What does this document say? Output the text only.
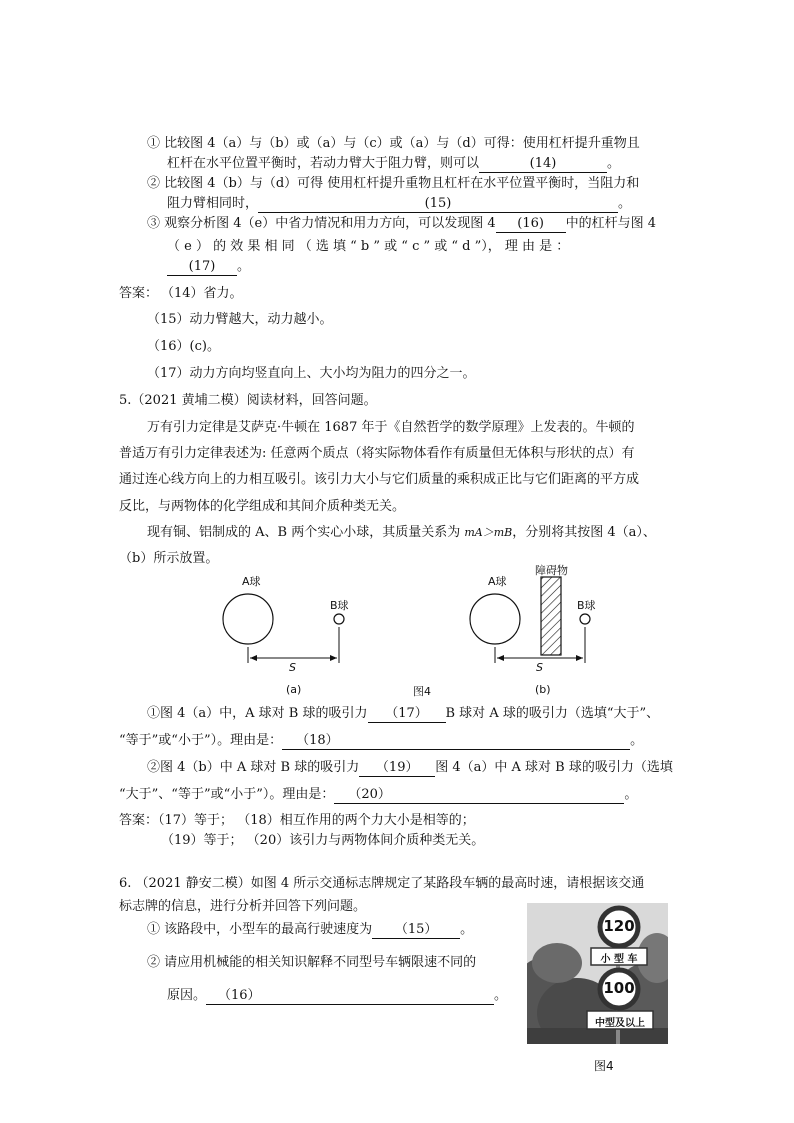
① 比较图 4（a）与（b）或（a）与（c）或（a）与（d）可得：使用杠杆提升重物且
杠杆在水平位置平衡时，若动力臂大于阻力臂，则可以	(14)	。
② 比较图 4（b）与（d）可得 使用杠杆提升重物且杠杆在水平位置平衡时，当阻力和
阻力臂相同时，	(15)	。
③ 观察分析图 4（e）中省力情况和用力方向，可以发现图 4 (16) 中的杠杆与图 4
（ e ） 的 效 果 相 同 （ 选 填 “ b ” 或 “ c ” 或 “ d ”）， 理 由 是 ：
(17) 。
答案： （14）省力。
（15）动力臂越大，动力越小。
（16）(c)。
（17）动力方向均竖直向上、大小均为阻力的四分之一。
5.（2021 黄埔二模）阅读材料，回答问题。
万有引力定律是艾萨克·牛顿在 1687 年于《自然哲学的数学原理》上发表的。牛顿的
普适万有引力定律表述为: 任意两个质点（将实际物体看作有质量但无体积与形状的点）有
通过连心线方向上的力相互吸引。该引力大小与它们质量的乘积成正比与它们距离的平方成
反比，与两物体的化学组成和其间介质种类无关。
现有铜、铝制成的 A、B 两个实心小球，其质量关系为 mA＞mB，分别将其按图 4（a）、
（b）所示放置。
A球
B球
S
A球
障碍物
B球
S
(a)	图4	(b)
①图 4（a）中，A 球对 B 球的吸引力 （17） B 球对 A 球的吸引力（选填“大于”、
“等于”或“小于”）。理由是： （18）	。
②图 4（b）中 A 球对 B 球的吸引力 （19） 图 4（a）中 A 球对 B 球的吸引力（选填
“大于”、“等于”或“小于”）。理由是： （20）	。
答案：（17）等于； （18）相互作用的两个力大小是相等的；
（19）等于； （20）该引力与两物体间介质种类无关。
6. （2021 静安二模）如图 4 所示交通标志牌规定了某路段车辆的最高时速，请根据该交通
标志牌的信息，进行分析并回答下列问题。
① 该路段中，小型车的最高行驶速度为 （15） 。
② 请应用机械能的相关知识解释不同型号车辆限速不同的
原因。 （16）	。
120
小 型 车
100
中型及以上
图4
